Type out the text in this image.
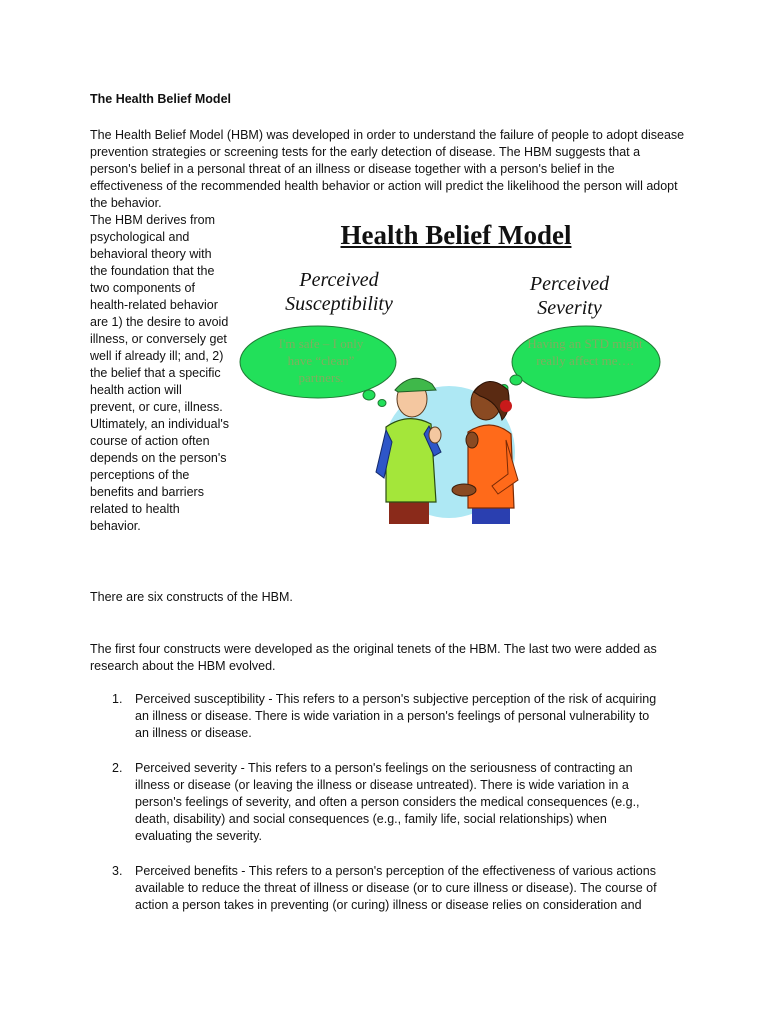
The Health Belief Model

The Health Belief Model (HBM) was developed in order to understand the failure of people to adopt disease prevention strategies or screening tests for the early detection of disease. The HBM suggests that a person's belief in a personal threat of an illness or disease together with a person's belief in the effectiveness of the recommended health behavior or action will predict the likelihood the person will adopt the behavior.

The HBM derives from psychological and behavioral theory with the foundation that the two components of health-related behavior are 1) the desire to avoid illness, or conversely get well if already ill; and, 2) the belief that a specific health action will prevent, or cure, illness. Ultimately, an individual's course of action often depends on the person's perceptions of the benefits and barriers related to health behavior.

Health Belief Model
Perceived Susceptibility
Perceived Severity
I'm safe – I only have “clean” partners.
Having an STD might really affect me….

There are six constructs of the HBM.

The first four constructs were developed as the original tenets of the HBM. The last two were added as research about the HBM evolved.

1. Perceived susceptibility - This refers to a person's subjective perception of the risk of acquiring an illness or disease. There is wide variation in a person's feelings of personal vulnerability to an illness or disease.
2. Perceived severity - This refers to a person's feelings on the seriousness of contracting an illness or disease (or leaving the illness or disease untreated). There is wide variation in a person's feelings of severity, and often a person considers the medical consequences (e.g., death, disability) and social consequences (e.g., family life, social relationships) when evaluating the severity.
3. Perceived benefits - This refers to a person's perception of the effectiveness of various actions available to reduce the threat of illness or disease (or to cure illness or disease). The course of action a person takes in preventing (or curing) illness or disease relies on consideration and
